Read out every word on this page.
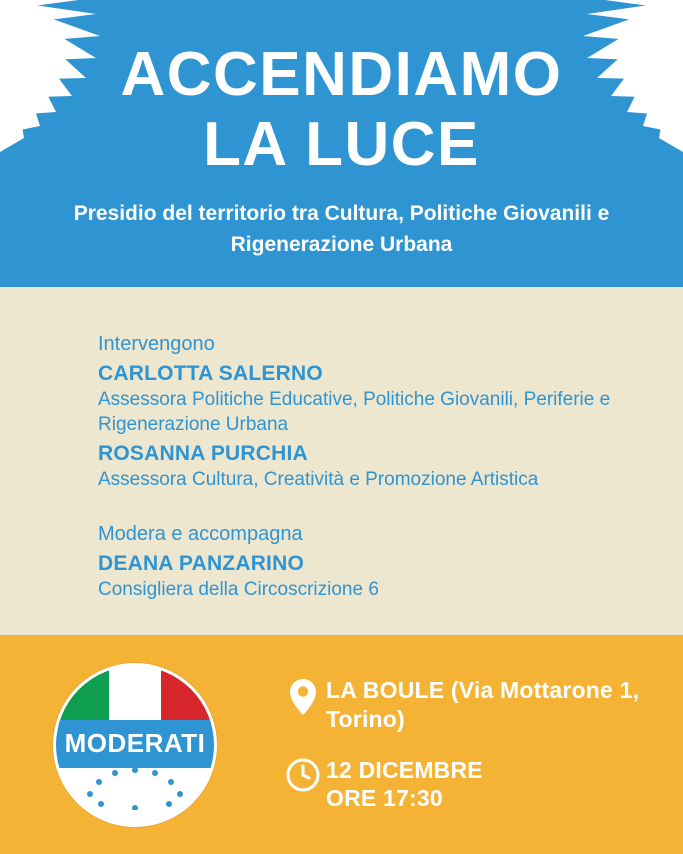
ACCENDIAMO
LA LUCE
Presidio del territorio tra Cultura, Politiche Giovanili e Rigenerazione Urbana
Intervengono
CARLOTTA SALERNO
Assessora Politiche Educative, Politiche Giovanili, Periferie e Rigenerazione Urbana
ROSANNA PURCHIA
Assessora Cultura, Creatività e Promozione Artistica
Modera e accompagna
DEANA PANZARINO
Consigliera della Circoscrizione 6
MODERATI
LA BOULE (Via Mottarone 1, Torino)
12 DICEMBRE
ORE 17:30
